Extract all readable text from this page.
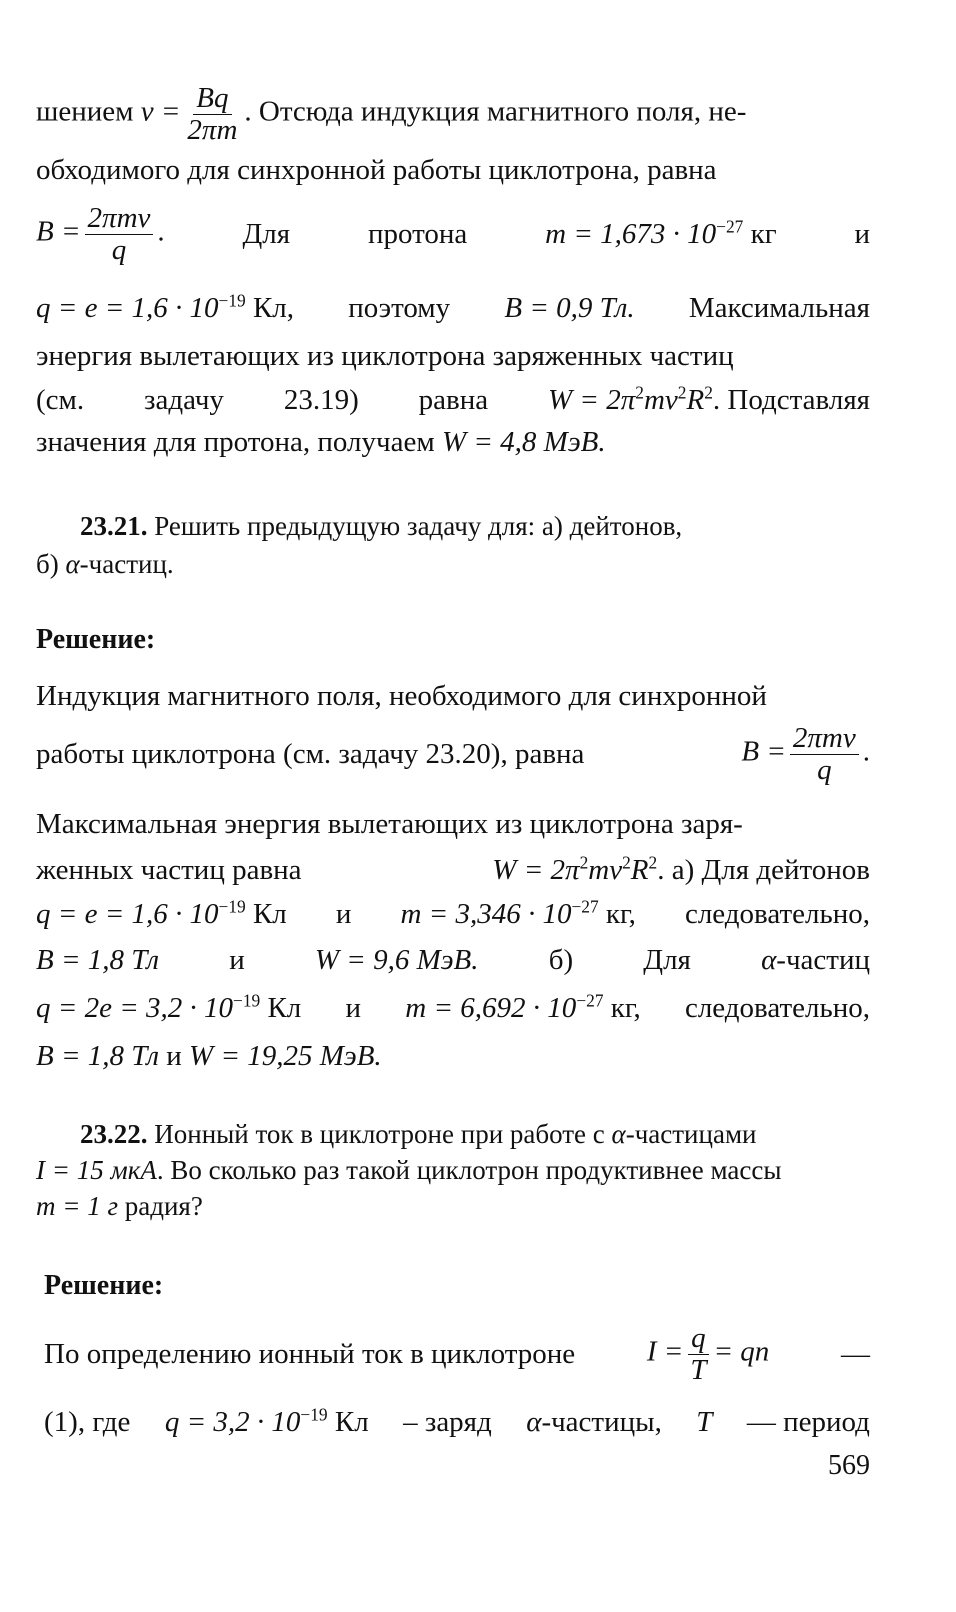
шением $\nu = \frac{Bq}{2\pi m}$ . Отсюда индукция магнитного поля, не-
обходимого для синхронной работы циклотрона, равна
$B = \frac{\text{2πmν}}{q}$ .	Для	протона	$m = 1,673 \cdot 10^{-27}$ кг	и
$q = e = 1,6 \cdot 10^{-19}$ Кл, поэтому B = 0,9 Тл. Максимальная
энергия вылетающих из циклотрона заряженных частиц
(см. задачу 23.19) равна $W = 2\pi^2m\nu^2R^2$. Подставляя
значения для протона, получаем W = 4,8 МэВ.
23.21. Решить предыдущую задачу для: а) дейтонов,
б) α-частиц.
Решение:
Индукция магнитного поля, необходимого для синхронной
работы циклотрона (см. задачу 23.20), равна	$B = \frac{\text{2πmν}}{q}$ .
Максимальная энергия вылетающих из циклотрона заря-
женных частиц равна	$W = 2\pi^2m\nu^2R^2$. а) Для дейтонов
$q = e = 1,6 \cdot 10^{-19}$ Кл и $m = 3,346 \cdot 10^{-27}$ кг, следовательно,
B = 1,8 Тл и W = 9,6 МэВ. б) Для α-частиц
$q = 2e = 3,2 \cdot 10^{-19}$ Кл и $m = 6,692 \cdot 10^{-27}$ кг, следовательно,
B = 1,8 Тл и W = 19,25 МэВ.
23.22. Ионный ток в циклотроне при работе с α-частицами
I = 15 мкА. Во сколько раз такой циклотрон продуктивнее массы
m = 1 г радия?
Решение:
По определению ионный ток в циклотроне $I = \frac{q}{T}$ = qn —
(1), где $q = 3,2 \cdot 10^{-19}$ Кл – заряд α-частицы, T — период
569
